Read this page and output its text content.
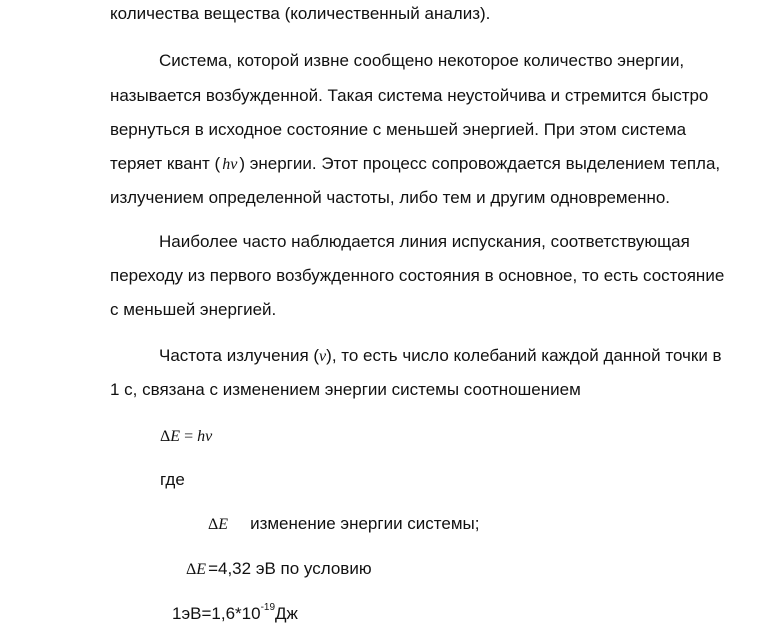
количества вещества (количественный анализ).
Система, которой извне сообщено некоторое количество энергии,
называется возбужденной. Такая система неустойчива и стремится быстро
вернуться в исходное состояние с меньшей энергией. При этом система
теряет квант ( hν ) энергии. Этот процесс сопровождается выделением тепла,
излучением определенной частоты, либо тем и другим одновременно.
Наиболее часто наблюдается линия испускания, соответствующая
переходу из первого возбужденного состояния в основное, то есть состояние
с меньшей энергией.
Частота излучения (ν), то есть число колебаний каждой данной точки в
1 с, связана с изменением энергии системы соотношением
ΔE = hν
где
ΔE изменение энергии системы;
ΔE =4,32 эВ по условию
$1эВ=1,6*10^{-19}Дж$
